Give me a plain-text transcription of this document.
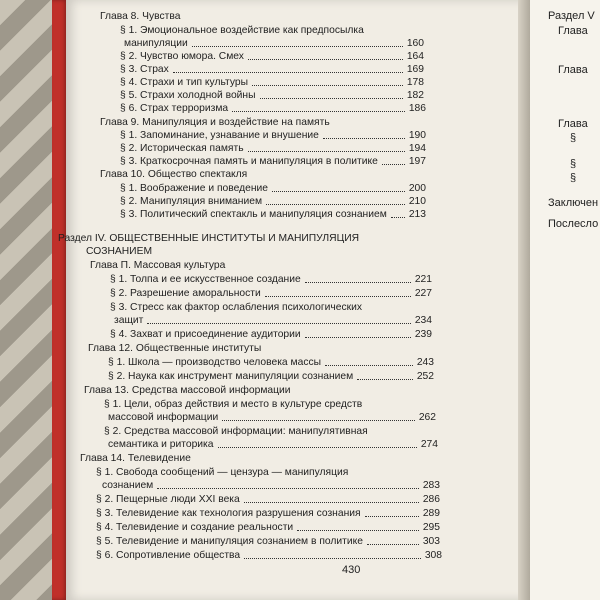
Глава 8. Чувства
§ 1. Эмоциональное воздействие как предпосылка
манипуляции	160
§ 2. Чувство юмора. Смех	164
§ 3. Страх	169
§ 4. Страхи и тип культуры	178
§ 5. Страхи холодной войны	182
§ 6. Страх терроризма	186
Глава 9. Манипуляция и воздействие на память
§ 1. Запоминание, узнавание и внушение	190
§ 2. Историческая память	194
§ 3. Краткосрочная память и манипуляция в политике	197
Глава 10. Общество спектакля
§ 1. Воображение и поведение	200
§ 2. Манипуляция вниманием	210
§ 3. Политический спектакль и манипуляция сознанием 213
Раздел IV. ОБЩЕСТВЕННЫЕ ИНСТИТУТЫ И МАНИПУЛЯЦИЯ
СОЗНАНИЕМ
Глава П. Массовая культура
§ 1. Толпа и ее искусственное создание	221
§ 2. Разрешение аморальности	227
§ 3. Стресс как фактор ослабления психологических
защит	234
§ 4. Захват и присоединение аудитории	239
Глава 12. Общественные институты
§ 1. Школа — производство человека массы	243
§ 2. Наука как инструмент манипуляции сознанием	252
Глава 13. Средства массовой информации
§ 1. Цели, образ действия и место в культуре средств
массовой информации	262
§ 2. Средства массовой информации: манипулятивная
семантика и риторика	274
Глава 14. Телевидение
§ 1. Свобода сообщений — цензура — манипуляция
сознанием	283
§ 2. Пещерные люди XXI века	286
§ 3. Телевидение как технология разрушения сознания	289
§ 4. Телевидение и создание реальности	295
§ 5. Телевидение и манипуляция сознанием в политике	303
§ 6. Сопротивление общества	308
430
Раздел V
Глава
Глава
Глава
§
§
§
Заключен
Послесло
